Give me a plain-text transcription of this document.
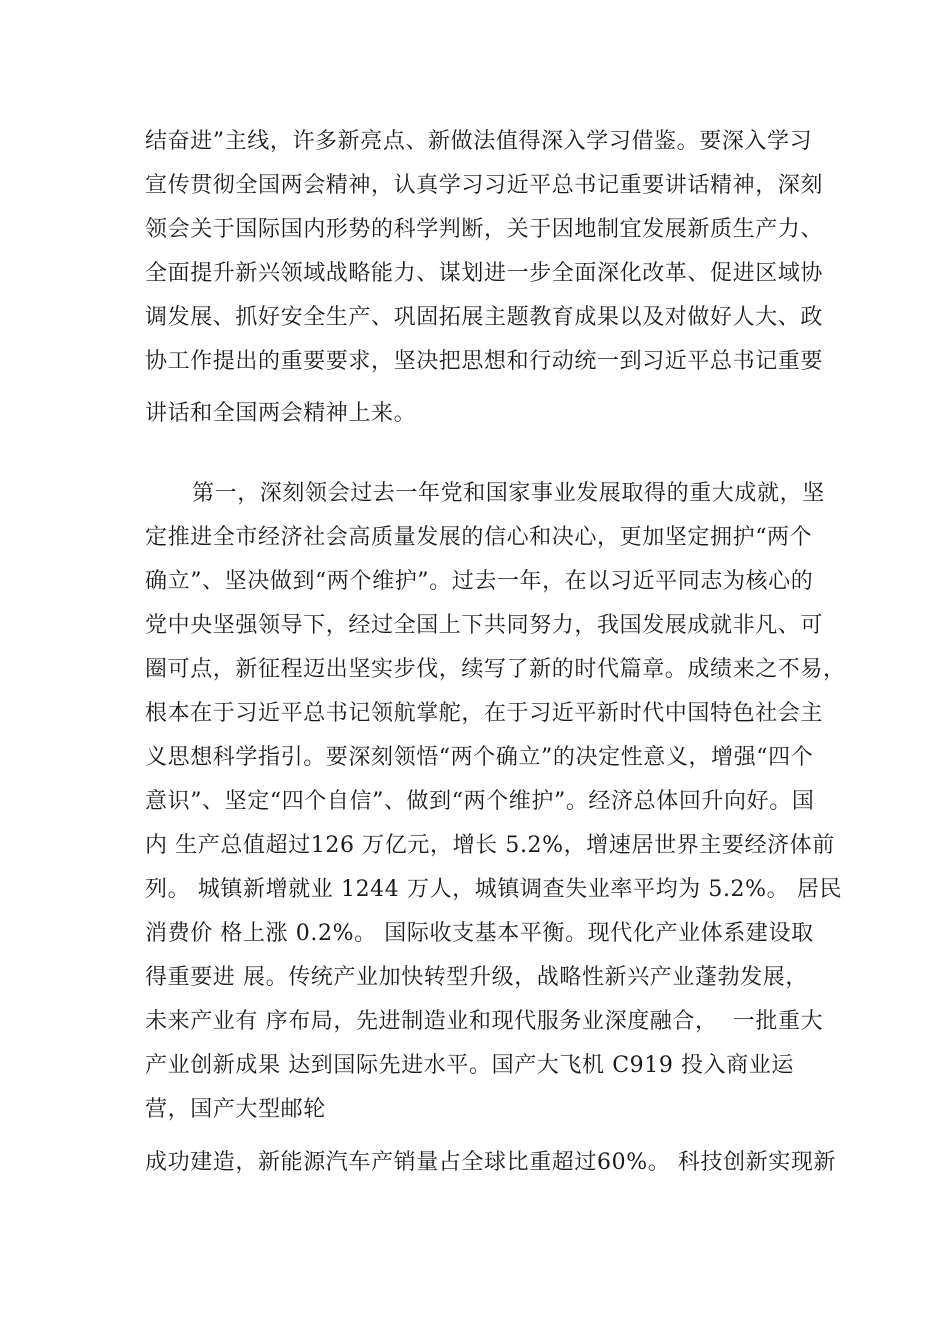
结奋进”主线，许多新亮点、新做法值得深入学习借鉴。要深入学习
宣传贯彻全国两会精神，认真学习习近平总书记重要讲话精神，深刻
领会关于国际国内形势的科学判断，关于因地制宜发展新质生产力、
全面提升新兴领域战略能力、谋划进一步全面深化改革、促进区域协
调发展、抓好安全生产、巩固拓展主题教育成果以及对做好人大、政
协工作提出的重要要求，坚决把思想和行动统一到习近平总书记重要
讲话和全国两会精神上来。
第一，深刻领会过去一年党和国家事业发展取得的重大成就，坚
定推进全市经济社会高质量发展的信心和决心，更加坚定拥护“两个
确立”、坚决做到“两个维护”。过去一年，在以习近平同志为核心的
党中央坚强领导下，经过全国上下共同努力，我国发展成就非凡、可
圈可点，新征程迈出坚实步伐，续写了新的时代篇章。成绩来之不易，
根本在于习近平总书记领航掌舵，在于习近平新时代中国特色社会主
义思想科学指引。要深刻领悟“两个确立”的决定性意义，增强“四个
意识”、坚定“四个自信”、做到“两个维护”。经济总体回升向好。国
内 生产总值超过126 万亿元，增长 5.2%，增速居世界主要经济体前
列。 城镇新增就业 1244 万人，城镇调查失业率平均为 5.2%。 居民
消费价 格上涨 0.2%。 国际收支基本平衡。现代化产业体系建设取
得重要进 展。传统产业加快转型升级，战略性新兴产业蓬勃发展，
未来产业有 序布局，先进制造业和现代服务业深度融合，  一批重大
产业创新成果 达到国际先进水平。国产大飞机 C919 投入商业运
营，国产大型邮轮
成功建造，新能源汽车产销量占全球比重超过60%。 科技创新实现新
